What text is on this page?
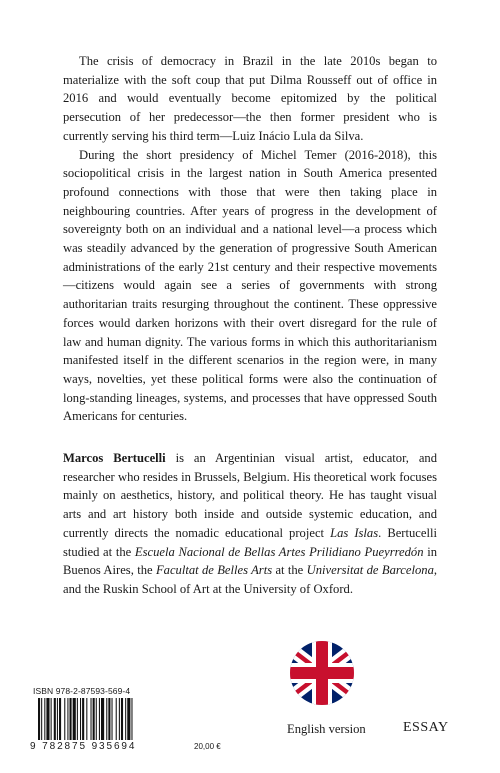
The crisis of democracy in Brazil in the late 2010s began to materialize with the soft coup that put Dilma Rousseff out of office in 2016 and would eventually become epitomized by the political persecution of her predecessor—the then former president who is currently serving his third term—Luiz Inácio Lula da Silva.

During the short presidency of Michel Temer (2016-2018), this sociopolitical crisis in the largest nation in South America presented profound connections with those that were then taking place in neighbouring countries. After years of progress in the development of sovereignty both on an individual and a national level—a process which was steadily advanced by the generation of progressive South American administrations of the early 21st century and their respective movements—citizens would again see a series of governments with strong authoritarian traits resurging throughout the continent. These oppressive forces would darken horizons with their overt disregard for the rule of law and human dignity. The various forms in which this authoritarianism manifested itself in the different scenarios in the region were, in many ways, novelties, yet these political forms were also the continuation of long-standing lineages, systems, and processes that have oppressed South Americans for centuries.

Marcos Bertucelli is an Argentinian visual artist, educator, and researcher who resides in Brussels, Belgium. His theoretical work focuses mainly on aesthetics, history, and political theory. He has taught visual arts and art history both inside and outside systemic education, and currently directs the nomadic educational project Las Islas. Bertucelli studied at the Escuela Nacional de Bellas Artes Prilidiano Pueyrredón in Buenos Aires, the Facultat de Belles Arts at the Universitat de Barcelona, and the Ruskin School of Art at the University of Oxford.

ISBN 978-2-87593-569-4
9 782875 935694	20,00 €
English version	ESSAY
